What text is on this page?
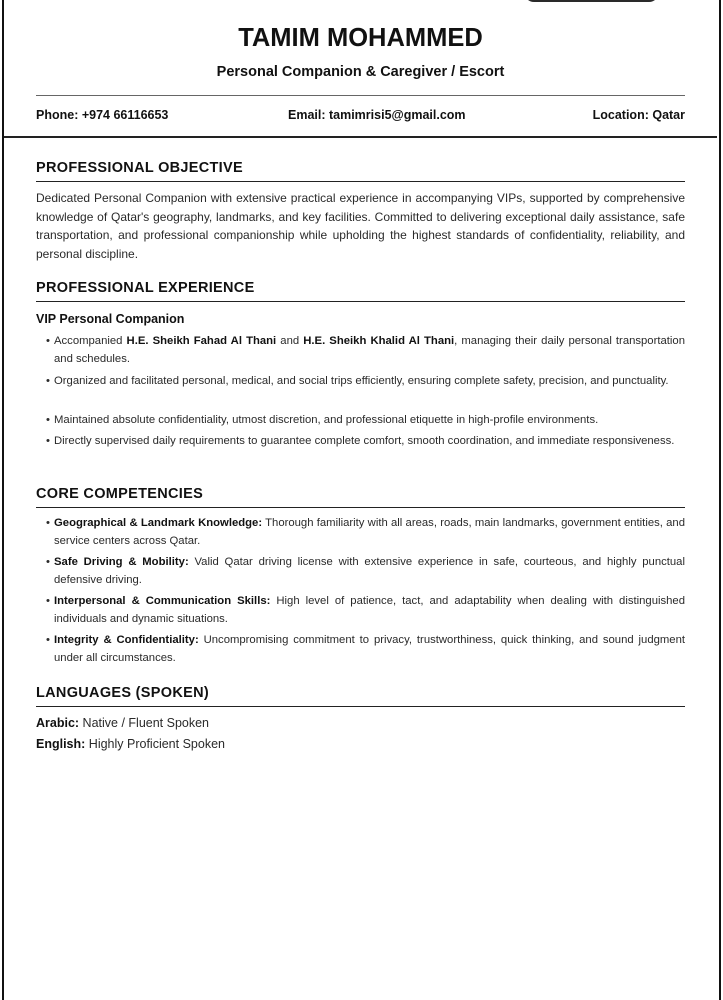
TAMIM MOHAMMED
Personal Companion & Caregiver / Escort
Phone: +974 66116653	Email: tamimrisi5@gmail.com	Location: Qatar
PROFESSIONAL OBJECTIVE
Dedicated Personal Companion with extensive practical experience in accompanying VIPs, supported by comprehensive knowledge of Qatar's geography, landmarks, and key facilities. Committed to delivering exceptional daily assistance, safe transportation, and professional companionship while upholding the highest standards of confidentiality, reliability, and personal discipline.
PROFESSIONAL EXPERIENCE
VIP Personal Companion
• Accompanied H.E. Sheikh Fahad Al Thani and H.E. Sheikh Khalid Al Thani, managing their daily personal transportation and schedules.
• Organized and facilitated personal, medical, and social trips efficiently, ensuring complete safety, precision, and punctuality.
• Maintained absolute confidentiality, utmost discretion, and professional etiquette in high-profile environments.
• Directly supervised daily requirements to guarantee complete comfort, smooth coordination, and immediate responsiveness.
CORE COMPETENCIES
• Geographical & Landmark Knowledge: Thorough familiarity with all areas, roads, main landmarks, government entities, and service centers across Qatar.
• Safe Driving & Mobility: Valid Qatar driving license with extensive experience in safe, courteous, and highly punctual defensive driving.
• Interpersonal & Communication Skills: High level of patience, tact, and adaptability when dealing with distinguished individuals and dynamic situations.
• Integrity & Confidentiality: Uncompromising commitment to privacy, trustworthiness, quick thinking, and sound judgment under all circumstances.
LANGUAGES (SPOKEN)
Arabic: Native / Fluent Spoken
English: Highly Proficient Spoken
